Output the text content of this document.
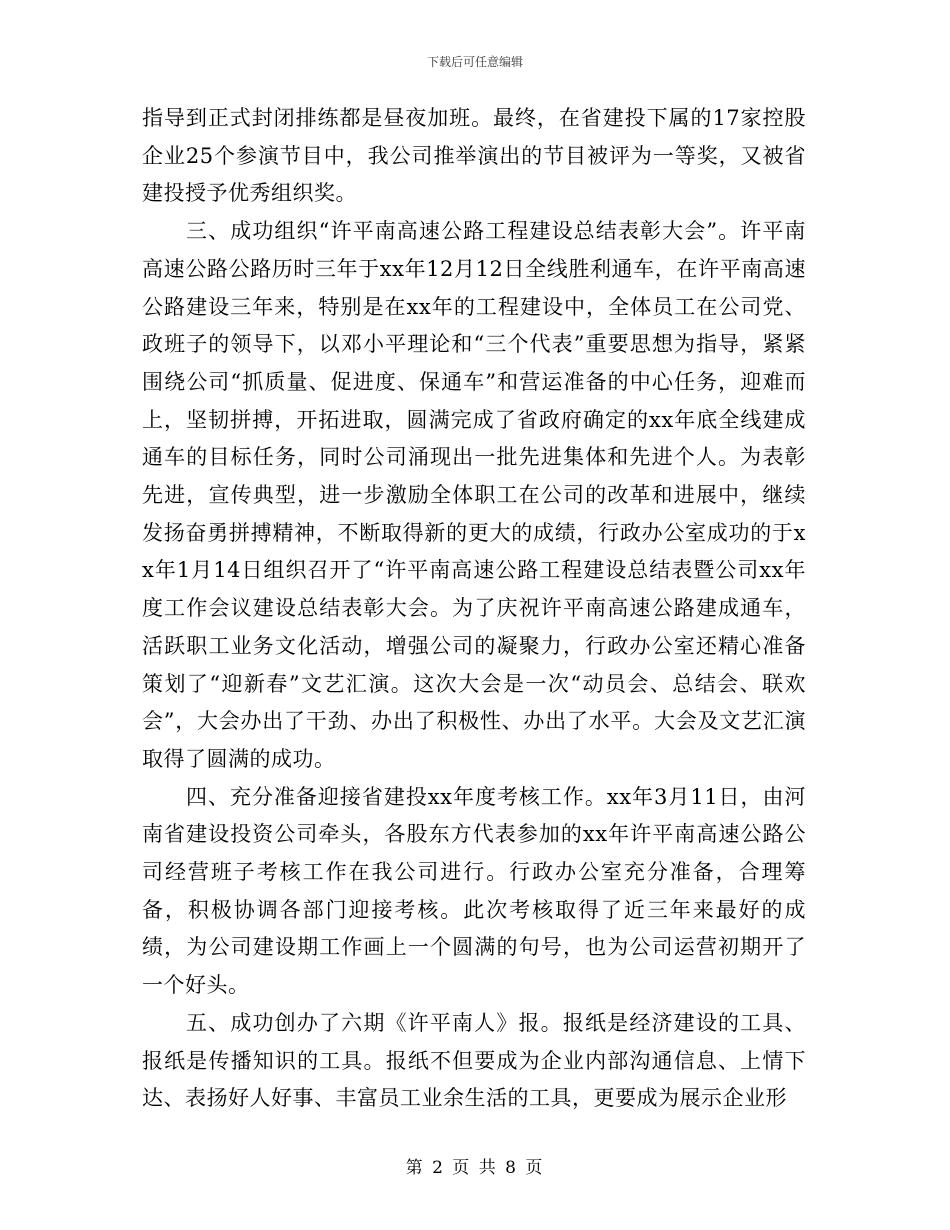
下载后可任意编辑

指导到正式封闭排练都是昼夜加班。最终，在省建投下属的17家控股企业25个参演节目中，我公司推举演出的节目被评为一等奖，又被省建投授予优秀组织奖。

三、成功组织“许平南高速公路工程建设总结表彰大会”。许平南高速公路公路历时三年于xx年12月12日全线胜利通车，在许平南高速公路建设三年来，特别是在xx年的工程建设中，全体员工在公司党、政班子的领导下，以邓小平理论和“三个代表”重要思想为指导，紧紧围绕公司“抓质量、促进度、保通车”和营运准备的中心任务，迎难而上，坚韧拼搏，开拓进取，圆满完成了省政府确定的xx年底全线建成通车的目标任务，同时公司涌现出一批先进集体和先进个人。为表彰先进，宣传典型，进一步激励全体职工在公司的改革和进展中，继续发扬奋勇拼搏精神，不断取得新的更大的成绩，行政办公室成功的于xx年1月14日组织召开了“许平南高速公路工程建设总结表暨公司xx年度工作会议建设总结表彰大会。为了庆祝许平南高速公路建成通车，活跃职工业务文化活动，增强公司的凝聚力，行政办公室还精心准备策划了“迎新春”文艺汇演。这次大会是一次“动员会、总结会、联欢会”，大会办出了干劲、办出了积极性、办出了水平。大会及文艺汇演取得了圆满的成功。

四、充分准备迎接省建投xx年度考核工作。xx年3月11日，由河南省建设投资公司牵头，各股东方代表参加的xx年许平南高速公路公司经营班子考核工作在我公司进行。行政办公室充分准备，合理筹备，积极协调各部门迎接考核。此次考核取得了近三年来最好的成绩，为公司建设期工作画上一个圆满的句号，也为公司运营初期开了一个好头。

五、成功创办了六期《许平南人》报。报纸是经济建设的工具、报纸是传播知识的工具。报纸不但要成为企业内部沟通信息、上情下达、表扬好人好事、丰富员工业余生活的工具，更要成为展示企业形

第 2 页 共 8 页
